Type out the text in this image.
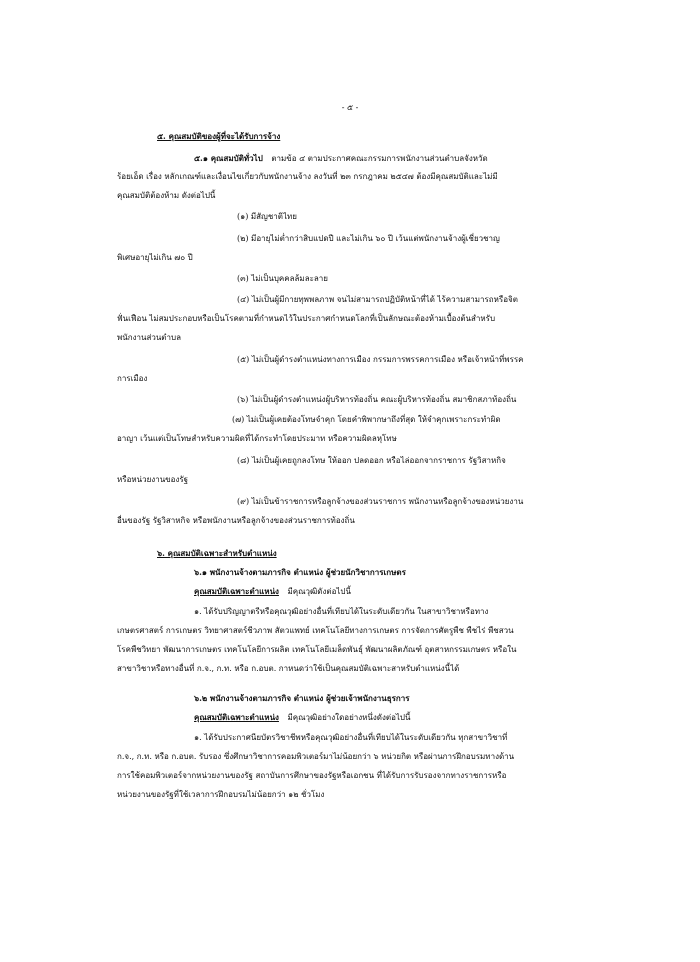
- ๕ -
๕. คุณสมบัติของผู้ที่จะได้รับการจ้าง
๕.๑ คุณสมบัติทั่วไป ตามข้อ ๔ ตามประกาศคณะกรรมการพนักงานส่วนตำบลจังหวัด
ร้อยเอ็ด เรื่อง หลักเกณฑ์และเงื่อนไขเกี่ยวกับพนักงานจ้าง ลงวันที่ ๒๓ กรกฎาคม ๒๕๔๗ ต้องมีคุณสมบัติและไม่มี
คุณสมบัติต้องห้าม ดังต่อไปนี้
(๑) มีสัญชาติไทย
(๒) มีอายุไม่ต่ำกว่าสิบแปดปี และไม่เกิน ๖๐ ปี เว้นแต่พนักงานจ้างผู้เชี่ยวชาญ
พิเศษอายุไม่เกิน ๗๐ ปี
(๓) ไม่เป็นบุคคลล้มละลาย
(๔) ไม่เป็นผู้มีกายทุพพลภาพ จนไม่สามารถปฏิบัติหน้าที่ได้ ไร้ความสามารถหรือจิต
ฟั่นเฟือน ไม่สมประกอบหรือเป็นโรคตามที่กำหนดไว้ในประกาศกำหนดโลกที่เป็นลักษณะต้องห้ามเบื้องต้นสำหรับ
พนักงานส่วนตำบล
(๕) ไม่เป็นผู้ดำรงตำแหน่งทางการเมือง กรรมการพรรคการเมือง หรือเจ้าหน้าที่พรรค
การเมือง
(๖) ไม่เป็นผู้ดำรงตำแหน่งผู้บริหารท้องถิ่น คณะผู้บริหารท้องถิ่น สมาชิกสภาท้องถิ่น
(๗) ไม่เป็นผู้เคยต้องโทษจำคุก โดยคำพิพากษาถึงที่สุด ให้จำคุกเพราะกระทำผิด
อาญา เว้นแต่เป็นโทษสำหรับความผิดที่ได้กระทำโดยประมาท หรือความผิดลหุโทษ
(๘) ไม่เป็นผู้เคยถูกลงโทษ ให้ออก ปลดออก หรือไล่ออกจากราชการ รัฐวิสาหกิจ
หรือหน่วยงานของรัฐ
(๙) ไม่เป็นข้าราชการหรือลูกจ้างของส่วนราชการ พนักงานหรือลูกจ้างของหน่วยงาน
อื่นของรัฐ รัฐวิสาหกิจ หรือพนักงานหรือลูกจ้างของส่วนราชการท้องถิ่น
๖. คุณสมบัติเฉพาะสำหรับตำแหน่ง
๖.๑ พนักงานจ้างตามภารกิจ ตำแหน่ง ผู้ช่วยนักวิชาการเกษตร
คุณสมบัติเฉพาะตำแหน่ง มีคุณวุฒิดังต่อไปนี้
๑. ได้รับปริญญาตรีหรือคุณวุฒิอย่างอื่นที่เทียบได้ในระดับเดียวกัน ในสาขาวิชาหรือทาง
เกษตรศาสตร์ การเกษตร วิทยาศาสตร์ชีวภาพ สัตวแพทย์ เทคโนโลยีทางการเกษตร การจัดการศัตรูพืช พืชไร่ พืชสวน
โรคพืชวิทยา พัฒนาการเกษตร เทคโนโลยีการผลิต เทคโนโลยีเมล็ดพันธุ์ พัฒนาผลิตภัณฑ์ อุตสาหกรรมเกษตร หรือใน
สาขาวิชาหรือทางอื่นที่ ก.จ., ก.ท. หรือ ก.อบต. กาหนดว่าใช้เป็นคุณสมบัติเฉพาะสาหรับตำแหน่งนี้ได้
๖.๒ พนักงานจ้างตามภารกิจ ตำแหน่ง ผู้ช่วยเจ้าพนักงานธุรการ
คุณสมบัติเฉพาะตำแหน่ง มีคุณวุฒิอย่างใดอย่างหนึ่งดังต่อไปนี้
๑. ได้รับประกาศนียบัตรวิชาชีพหรือคุณวุฒิอย่างอื่นที่เทียบได้ในระดับเดียวกัน ทุกสาขาวิชาที่
ก.จ., ก.ท. หรือ ก.อบต. รับรอง ซึ่งศึกษาวิชาการคอมพิวเตอร์มาไม่น้อยกว่า ๖ หน่วยกิต หรือผ่านการฝึกอบรมทางด้าน
การใช้คอมพิวเตอร์จากหน่วยงานของรัฐ สถาบันการศึกษาของรัฐหรือเอกชน ที่ได้รับการรับรองจากทางราชการหรือ
หน่วยงานของรัฐที่ใช้เวลาการฝึกอบรมไม่น้อยกว่า ๑๒ ชั่วโมง
